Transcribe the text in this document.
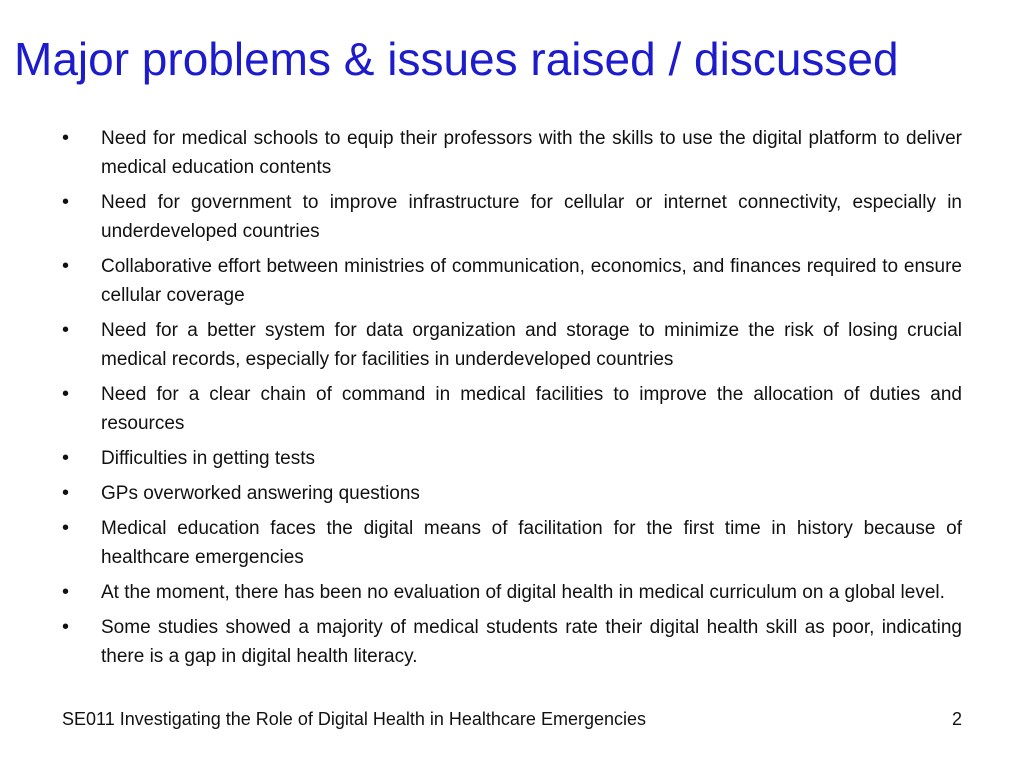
Major problems & issues raised / discussed
•	Need for medical schools to equip their professors with the skills to use the digital platform to deliver medical education contents
•	Need for government to improve infrastructure for cellular or internet connectivity, especially in underdeveloped countries
•	Collaborative effort between ministries of communication, economics, and finances required to ensure cellular coverage
•	Need for a better system for data organization and storage to minimize the risk of losing crucial medical records, especially for facilities in underdeveloped countries
•	Need for a clear chain of command in medical facilities to improve the allocation of duties and resources
•	Difficulties in getting tests
•	GPs overworked answering questions
•	Medical education faces the digital means of facilitation for the first time in history because of healthcare emergencies
•	At the moment, there has been no evaluation of digital health in medical curriculum on a global level.
•	Some studies showed a majority of medical students rate their digital health skill as poor, indicating there is a gap in digital health literacy.
SE011 Investigating the Role of Digital Health in Healthcare Emergencies	2
